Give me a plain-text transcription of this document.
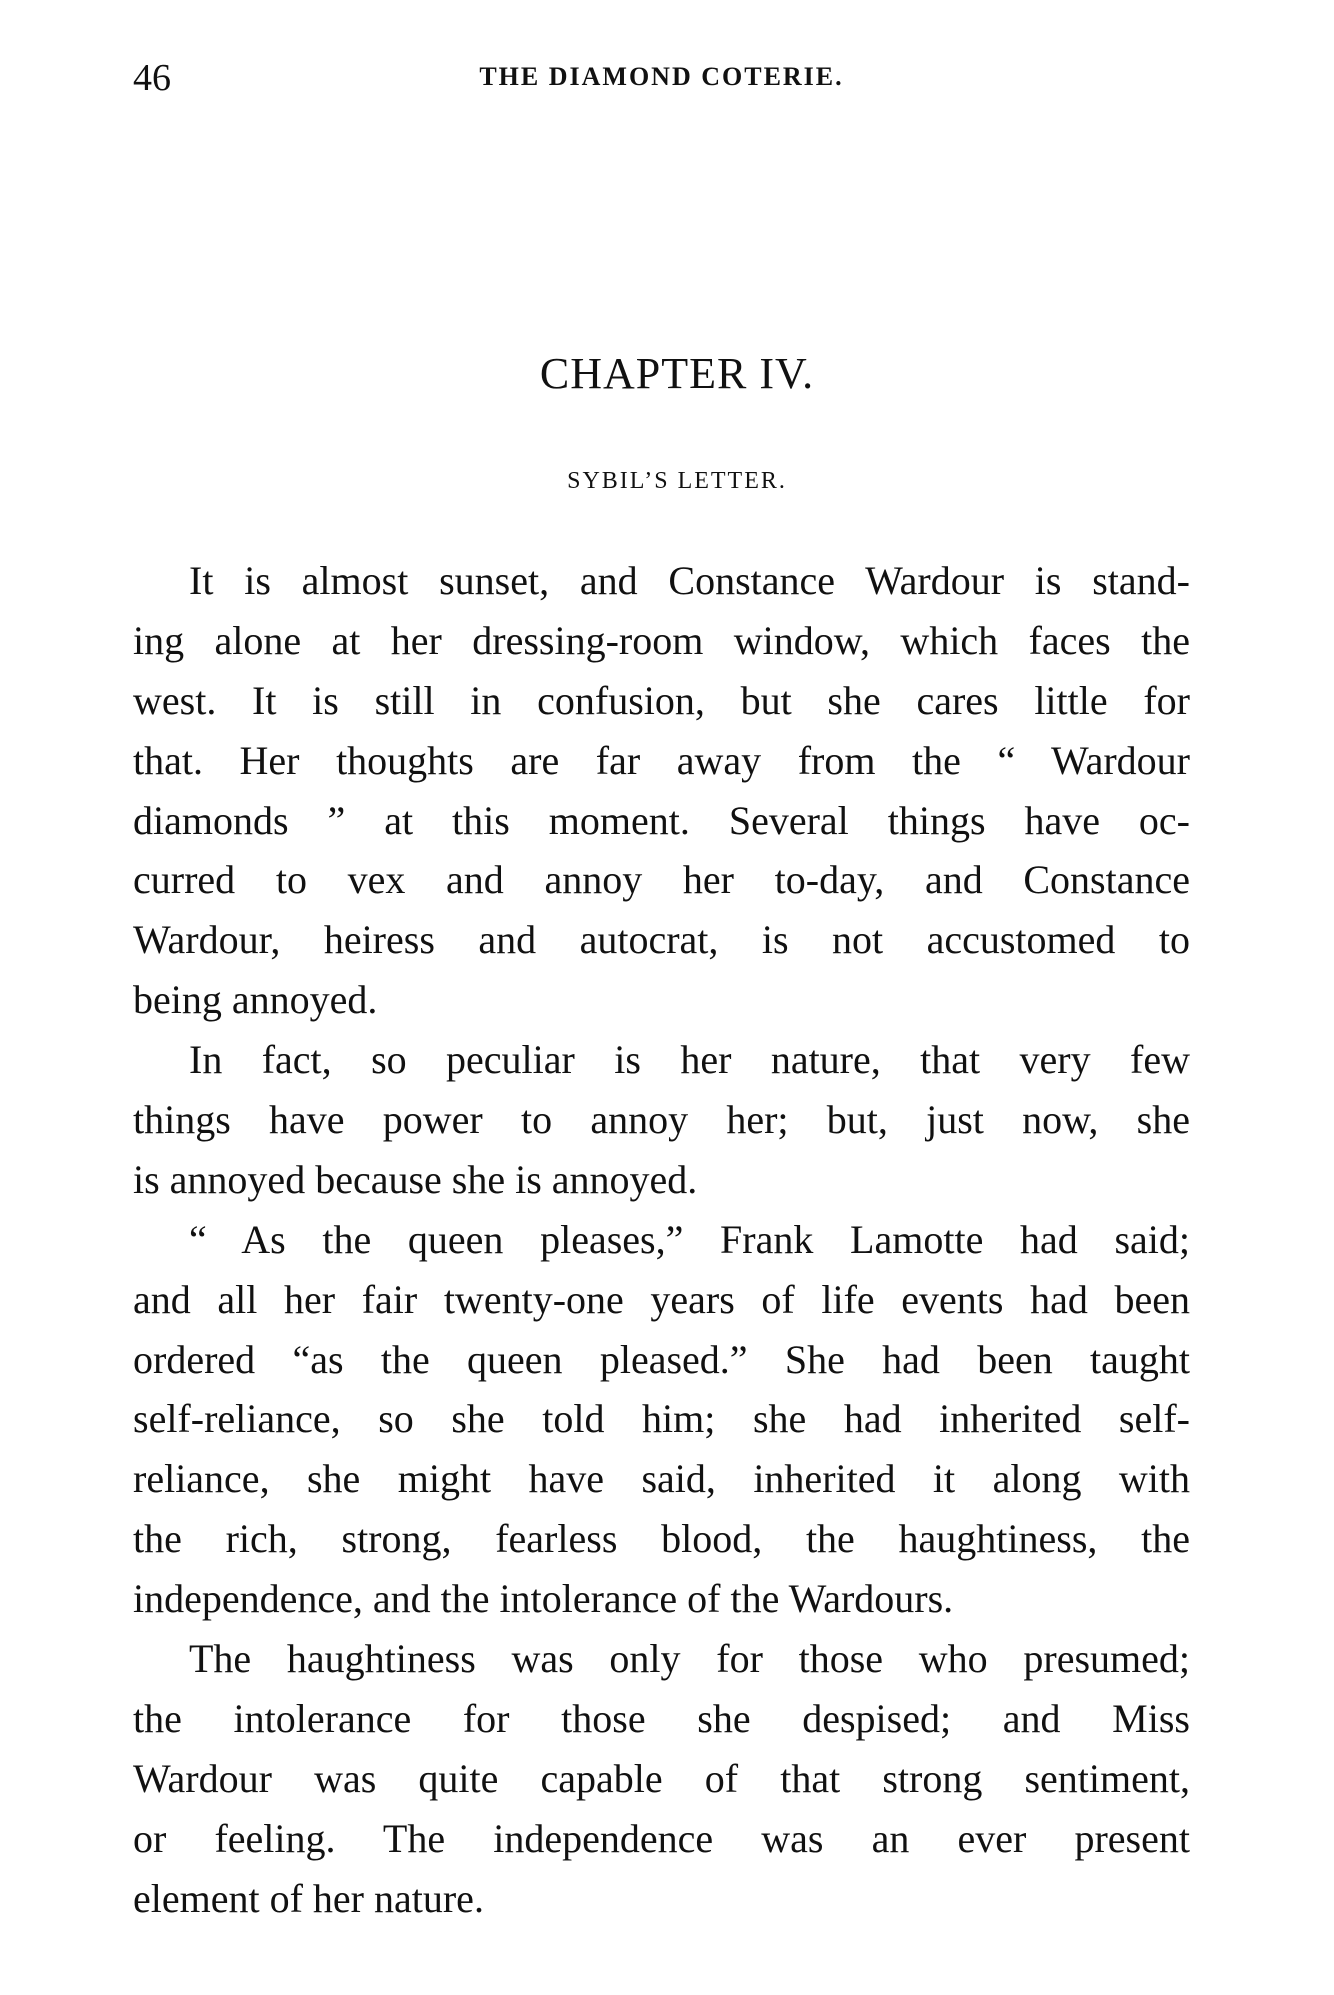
46	THE DIAMOND COTERIE.
CHAPTER IV.
SYBIL’S LETTER.
It is almost sunset, and Constance Wardour is stand-
ing alone at her dressing-room window, which faces the
west. It is still in confusion, but she cares little for
that. Her thoughts are far away from the “ Wardour
diamonds ” at this moment. Several things have oc-
curred to vex and annoy her to-day, and Constance
Wardour, heiress and autocrat, is not accustomed to
being annoyed.
In fact, so peculiar is her nature, that very few
things have power to annoy her; but, just now, she
is annoyed because she is annoyed.
“ As the queen pleases,” Frank Lamotte had said;
and all her fair twenty-one years of life events had been
ordered “as the queen pleased.” She had been taught
self-reliance, so she told him; she had inherited self-
reliance, she might have said, inherited it along with
the rich, strong, fearless blood, the haughtiness, the
independence, and the intolerance of the Wardours.
The haughtiness was only for those who presumed;
the intolerance for those she despised; and Miss
Wardour was quite capable of that strong sentiment,
or feeling. The independence was an ever present
element of her nature.
